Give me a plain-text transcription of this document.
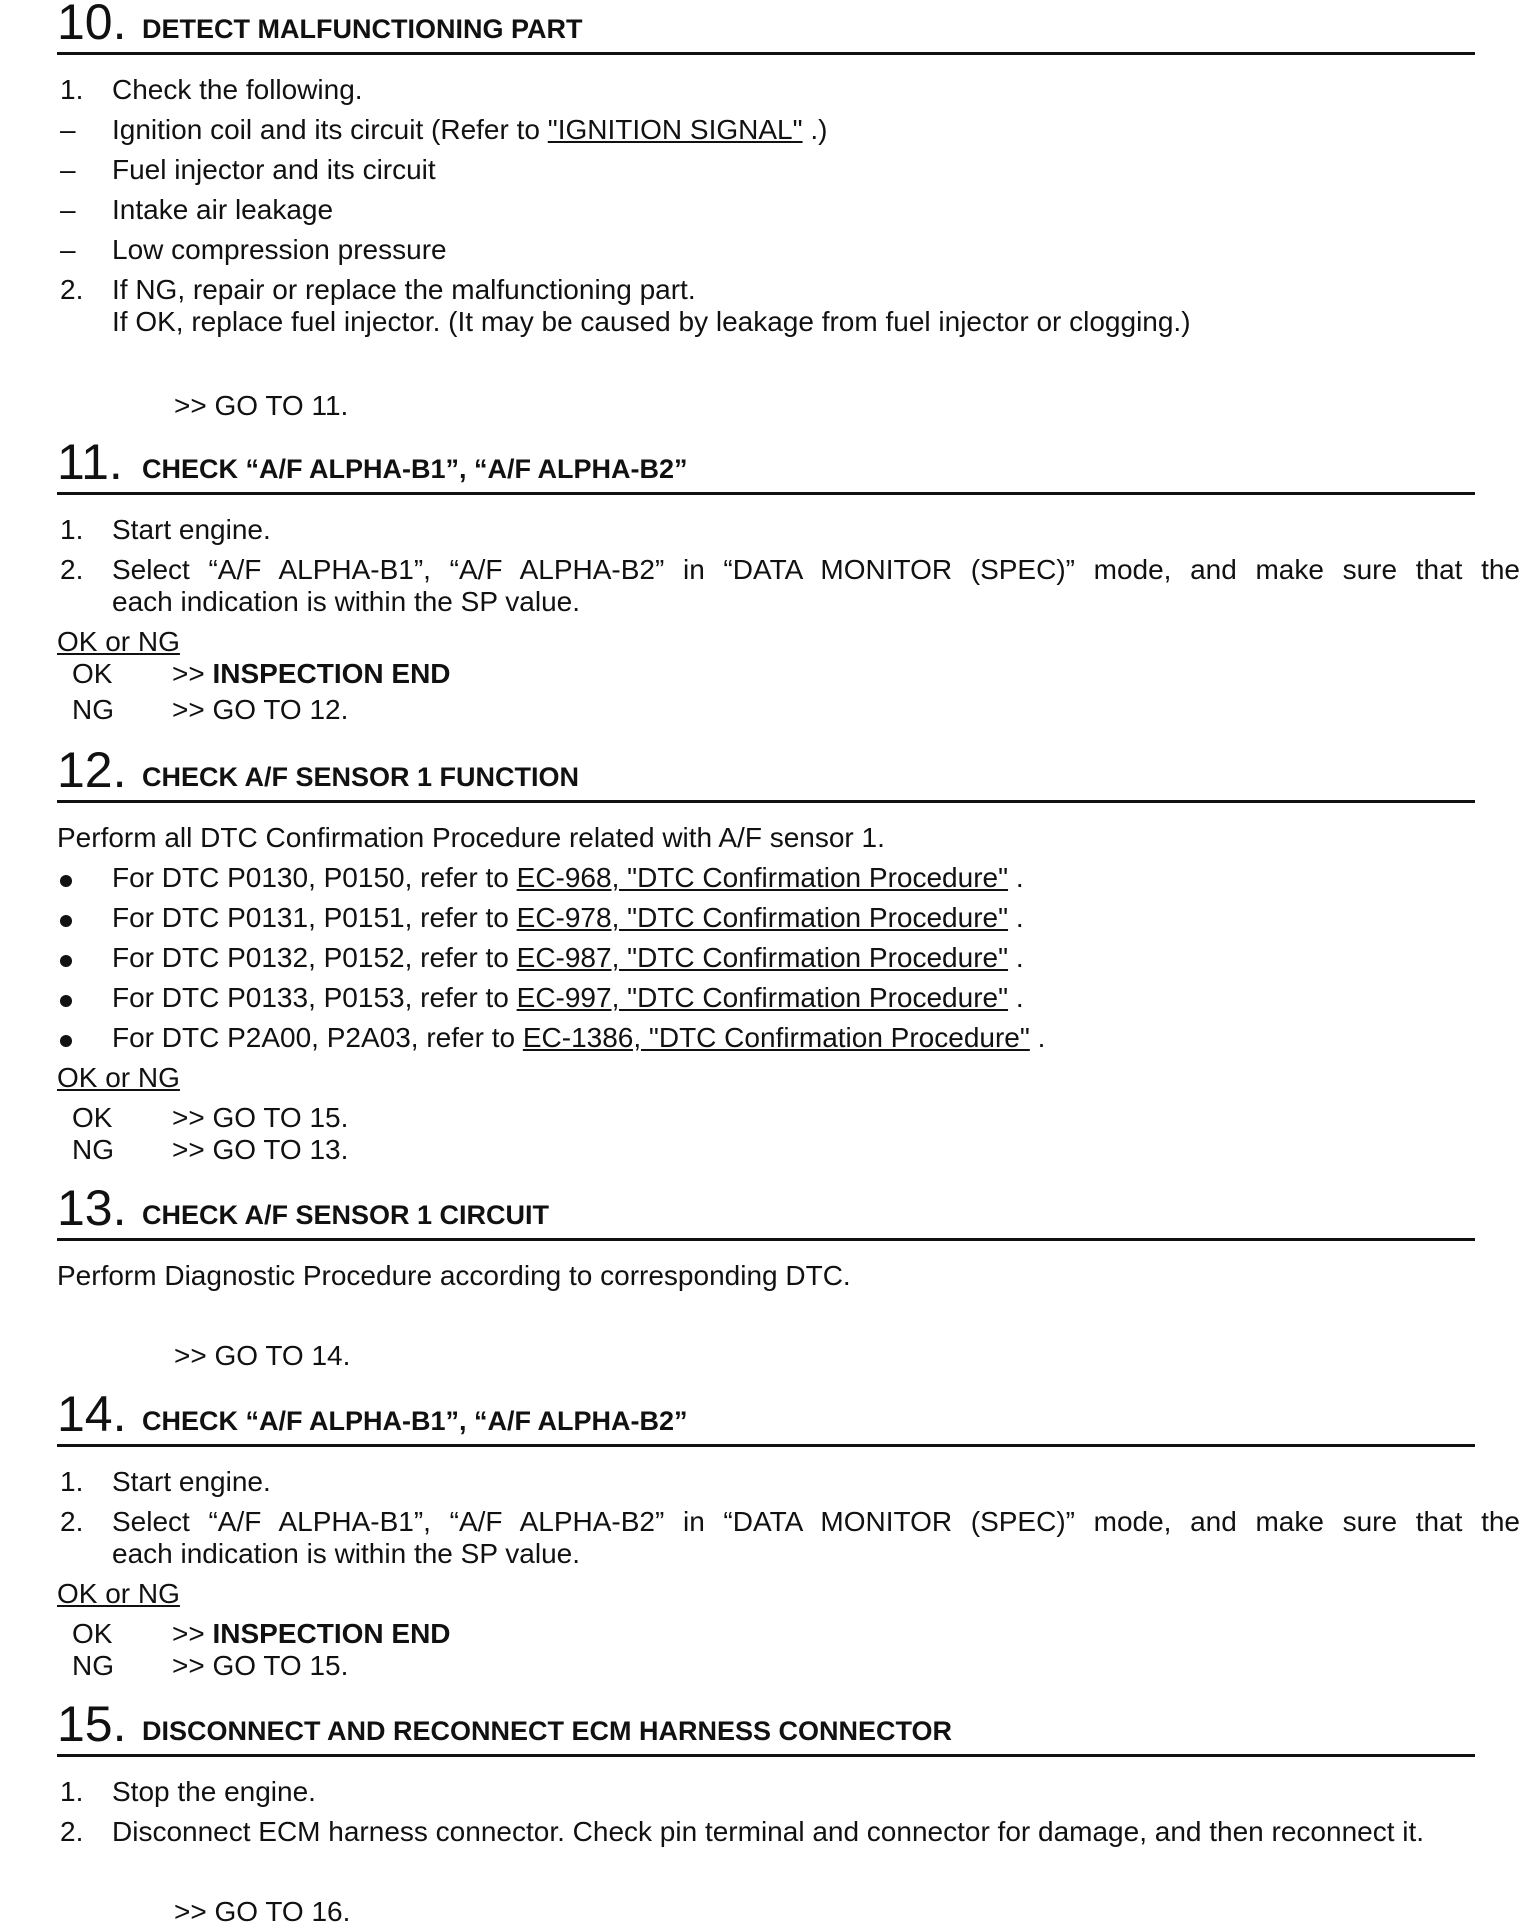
10. DETECT MALFUNCTIONING PART
1. Check the following.
– Ignition coil and its circuit (Refer to "IGNITION SIGNAL" .)
– Fuel injector and its circuit
– Intake air leakage
– Low compression pressure
2. If NG, repair or replace the malfunctioning part.
If OK, replace fuel injector. (It may be caused by leakage from fuel injector or clogging.)
>> GO TO 11.
11. CHECK “A/F ALPHA-B1”, “A/F ALPHA-B2”
1. Start engine.
2. Select “A/F ALPHA-B1”, “A/F ALPHA-B2” in “DATA MONITOR (SPEC)” mode, and make sure that the
each indication is within the SP value.
OK or NG
OK >> INSPECTION END
NG >> GO TO 12.
12. CHECK A/F SENSOR 1 FUNCTION
Perform all DTC Confirmation Procedure related with A/F sensor 1.
For DTC P0130, P0150, refer to EC-968, "DTC Confirmation Procedure" .
For DTC P0131, P0151, refer to EC-978, "DTC Confirmation Procedure" .
For DTC P0132, P0152, refer to EC-987, "DTC Confirmation Procedure" .
For DTC P0133, P0153, refer to EC-997, "DTC Confirmation Procedure" .
For DTC P2A00, P2A03, refer to EC-1386, "DTC Confirmation Procedure" .
OK or NG
OK >> GO TO 15.
NG >> GO TO 13.
13. CHECK A/F SENSOR 1 CIRCUIT
Perform Diagnostic Procedure according to corresponding DTC.
>> GO TO 14.
14. CHECK “A/F ALPHA-B1”, “A/F ALPHA-B2”
1. Start engine.
2. Select “A/F ALPHA-B1”, “A/F ALPHA-B2” in “DATA MONITOR (SPEC)” mode, and make sure that the
each indication is within the SP value.
OK or NG
OK >> INSPECTION END
NG >> GO TO 15.
15. DISCONNECT AND RECONNECT ECM HARNESS CONNECTOR
1. Stop the engine.
2. Disconnect ECM harness connector. Check pin terminal and connector for damage, and then reconnect it.
>> GO TO 16.
